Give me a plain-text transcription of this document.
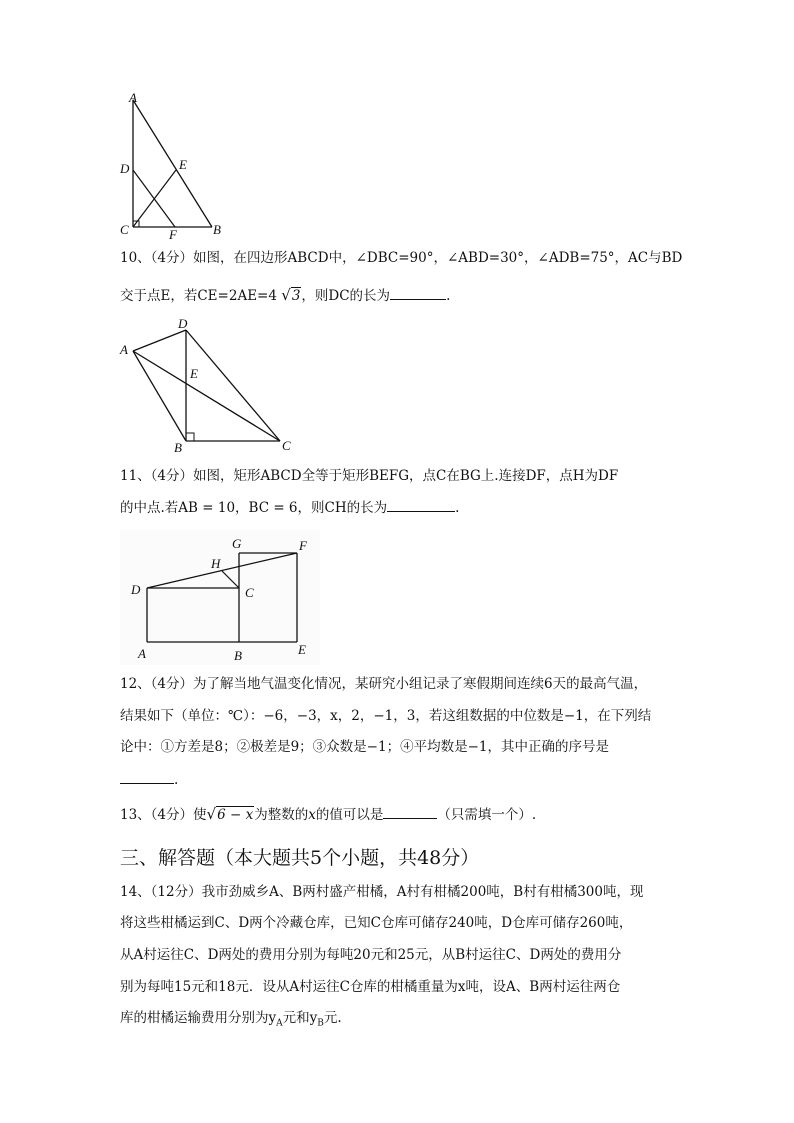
A
D	E
C	F	B
10、（4分）如图，在四边形ABCD中，∠DBC=90°，∠ABD=30°，∠ADB=75°，AC与BD
交于点E，若CE=2AE=4 √3，则DC的长为	.
A
D
E
B	C
11、（4分）如图，矩形ABCD全等于矩形BEFG，点C在BG上.连接DF，点H为DF
的中点.若AB = 10，BC = 6，则CH的长为	.
G	F
H
D	C
A	B	E
12、（4分）为了解当地气温变化情况，某研究小组记录了寒假期间连续6天的最高气温，
结果如下（单位：℃）：−6，−3，x，2，−1，3，若这组数据的中位数是−1，在下列结
论中：①方差是8；②极差是9；③众数是−1；④平均数是−1，其中正确的序号是
.
13、（4分）使√6 − x为整数的x的值可以是	（只需填一个）.
三、解答题（本大题共5个小题，共48分）
14、（12分）我市劲威乡A、B两村盛产柑橘，A村有柑橘200吨，B村有柑橘300吨，现
将这些柑橘运到C、D两个冷藏仓库，已知C仓库可储存240吨，D仓库可储存260吨，
从A村运往C、D两处的费用分别为每吨20元和25元，从B村运往C、D两处的费用分
别为每吨15元和18元．设从A村运往C仓库的柑橘重量为x吨，设A、B两村运往两仓
库的柑橘运输费用分别为$y_A$元和$y_B$元.
